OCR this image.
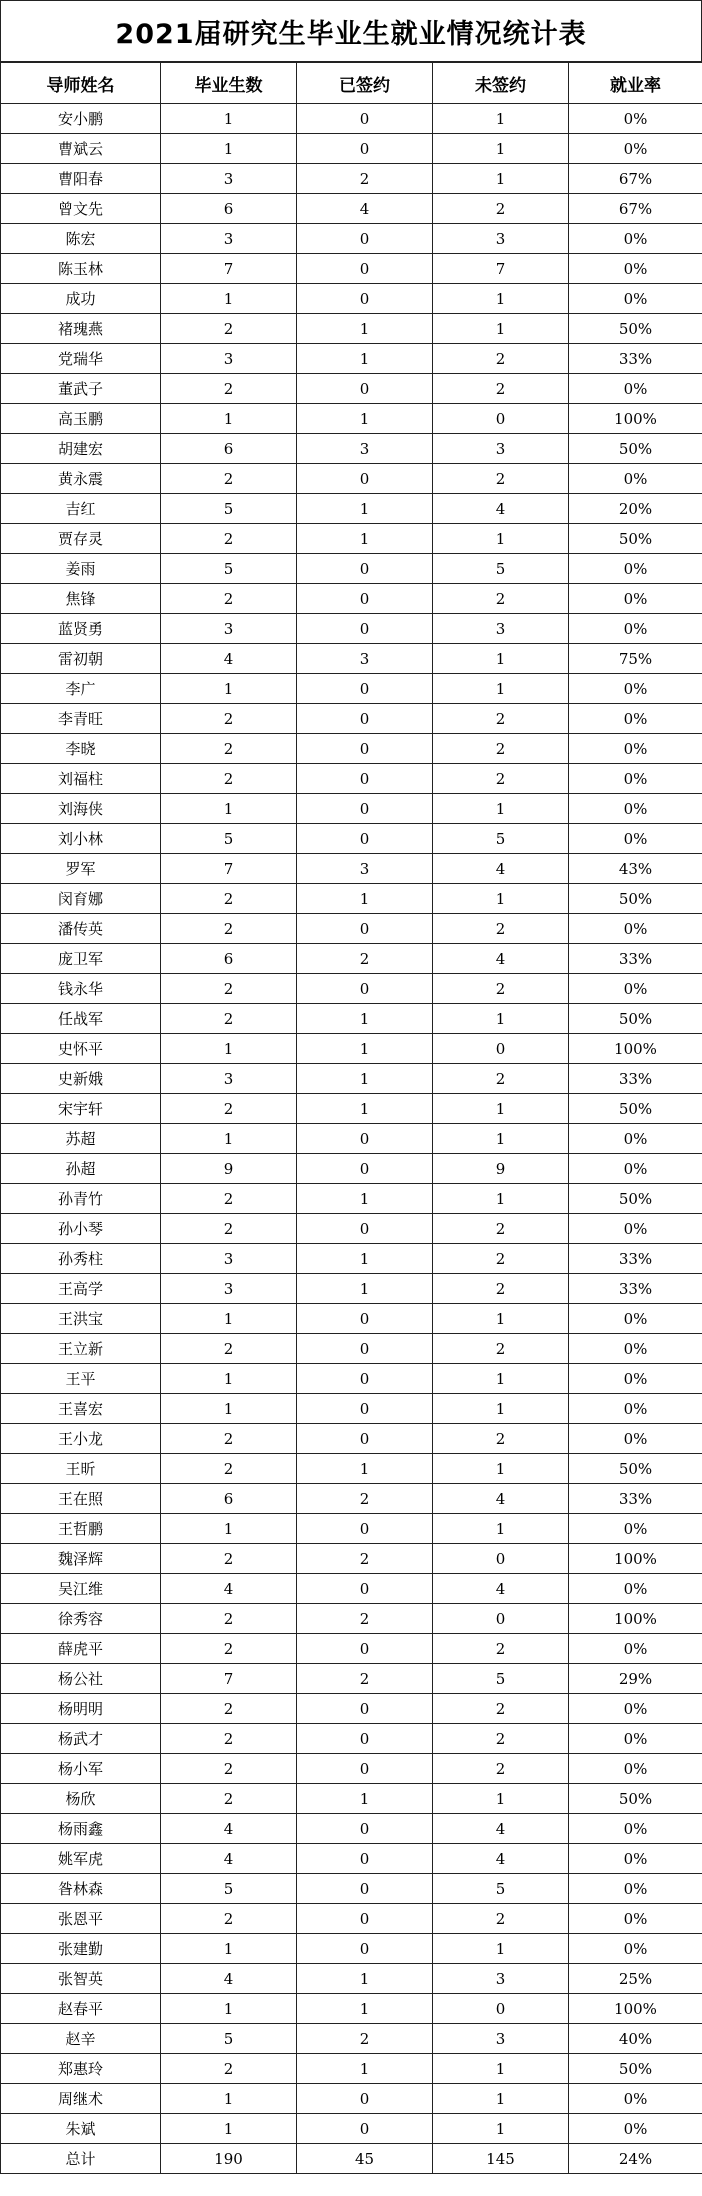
2021届研究生毕业生就业情况统计表
导师姓名	毕业生数	已签约	未签约	就业率
安小鹏	1	0	1	0%
曹斌云	1	0	1	0%
曹阳春	3	2	1	67%
曾文先	6	4	2	67%
陈宏	3	0	3	0%
陈玉林	7	0	7	0%
成功	1	0	1	0%
褚瑰燕	2	1	1	50%
党瑞华	3	1	2	33%
董武子	2	0	2	0%
高玉鹏	1	1	0	100%
胡建宏	6	3	3	50%
黄永震	2	0	2	0%
吉红	5	1	4	20%
贾存灵	2	1	1	50%
姜雨	5	0	5	0%
焦锋	2	0	2	0%
蓝贤勇	3	0	3	0%
雷初朝	4	3	1	75%
李广	1	0	1	0%
李青旺	2	0	2	0%
李晓	2	0	2	0%
刘福柱	2	0	2	0%
刘海侠	1	0	1	0%
刘小林	5	0	5	0%
罗军	7	3	4	43%
闵育娜	2	1	1	50%
潘传英	2	0	2	0%
庞卫军	6	2	4	33%
钱永华	2	0	2	0%
任战军	2	1	1	50%
史怀平	1	1	0	100%
史新娥	3	1	2	33%
宋宇轩	2	1	1	50%
苏超	1	0	1	0%
孙超	9	0	9	0%
孙青竹	2	1	1	50%
孙小琴	2	0	2	0%
孙秀柱	3	1	2	33%
王高学	3	1	2	33%
王洪宝	1	0	1	0%
王立新	2	0	2	0%
王平	1	0	1	0%
王喜宏	1	0	1	0%
王小龙	2	0	2	0%
王昕	2	1	1	50%
王在照	6	2	4	33%
王哲鹏	1	0	1	0%
魏泽辉	2	2	0	100%
吴江维	4	0	4	0%
徐秀容	2	2	0	100%
薛虎平	2	0	2	0%
杨公社	7	2	5	29%
杨明明	2	0	2	0%
杨武才	2	0	2	0%
杨小军	2	0	2	0%
杨欣	2	1	1	50%
杨雨鑫	4	0	4	0%
姚军虎	4	0	4	0%
昝林森	5	0	5	0%
张恩平	2	0	2	0%
张建勤	1	0	1	0%
张智英	4	1	3	25%
赵春平	1	1	0	100%
赵辛	5	2	3	40%
郑惠玲	2	1	1	50%
周继术	1	0	1	0%
朱斌	1	0	1	0%
总计	190	45	145	24%
